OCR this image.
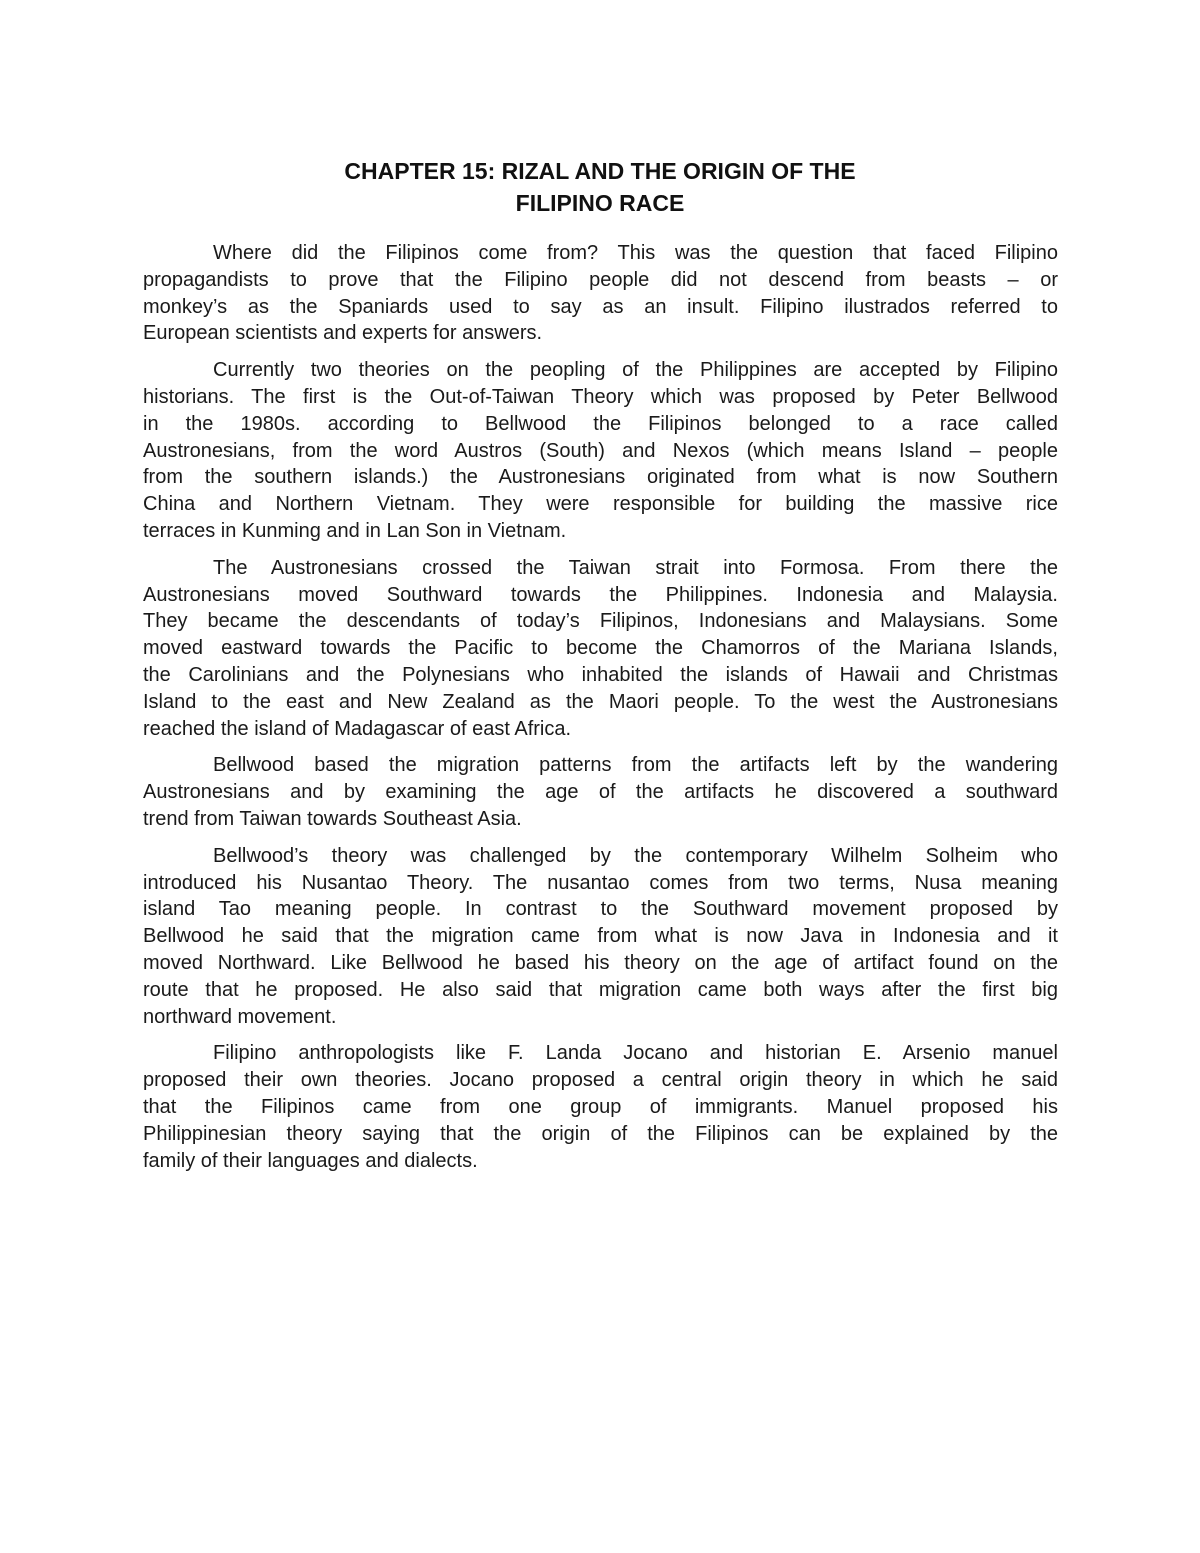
CHAPTER 15: RIZAL AND THE ORIGIN OF THE
FILIPINO RACE
Where did the Filipinos come from? This was the question that faced Filipino
propagandists to prove that the Filipino people did not descend from beasts – or
monkey’s as the Spaniards used to say as an insult. Filipino ilustrados referred to
European scientists and experts for answers.
Currently two theories on the peopling of the Philippines are accepted by Filipino
historians. The first is the Out-of-Taiwan Theory which was proposed by Peter Bellwood
in the 1980s. according to Bellwood the Filipinos belonged to a race called
Austronesians, from the word Austros (South) and Nexos (which means Island – people
from the southern islands.) the Austronesians originated from what is now Southern
China and Northern Vietnam. They were responsible for building the massive rice
terraces in Kunming and in Lan Son in Vietnam.
The Austronesians crossed the Taiwan strait into Formosa. From there the
Austronesians moved Southward towards the Philippines. Indonesia and Malaysia.
They became the descendants of today’s Filipinos, Indonesians and Malaysians. Some
moved eastward towards the Pacific to become the Chamorros of the Mariana Islands,
the Carolinians and the Polynesians who inhabited the islands of Hawaii and Christmas
Island to the east and New Zealand as the Maori people. To the west the Austronesians
reached the island of Madagascar of east Africa.
Bellwood based the migration patterns from the artifacts left by the wandering
Austronesians and by examining the age of the artifacts he discovered a southward
trend from Taiwan towards Southeast Asia.
Bellwood’s theory was challenged by the contemporary Wilhelm Solheim who
introduced his Nusantao Theory. The nusantao comes from two terms, Nusa meaning
island Tao meaning people. In contrast to the Southward movement proposed by
Bellwood he said that the migration came from what is now Java in Indonesia and it
moved Northward. Like Bellwood he based his theory on the age of artifact found on the
route that he proposed. He also said that migration came both ways after the first big
northward movement.
Filipino anthropologists like F. Landa Jocano and historian E. Arsenio manuel
proposed their own theories. Jocano proposed a central origin theory in which he said
that the Filipinos came from one group of immigrants. Manuel proposed his
Philippinesian theory saying that the origin of the Filipinos can be explained by the
family of their languages and dialects.
